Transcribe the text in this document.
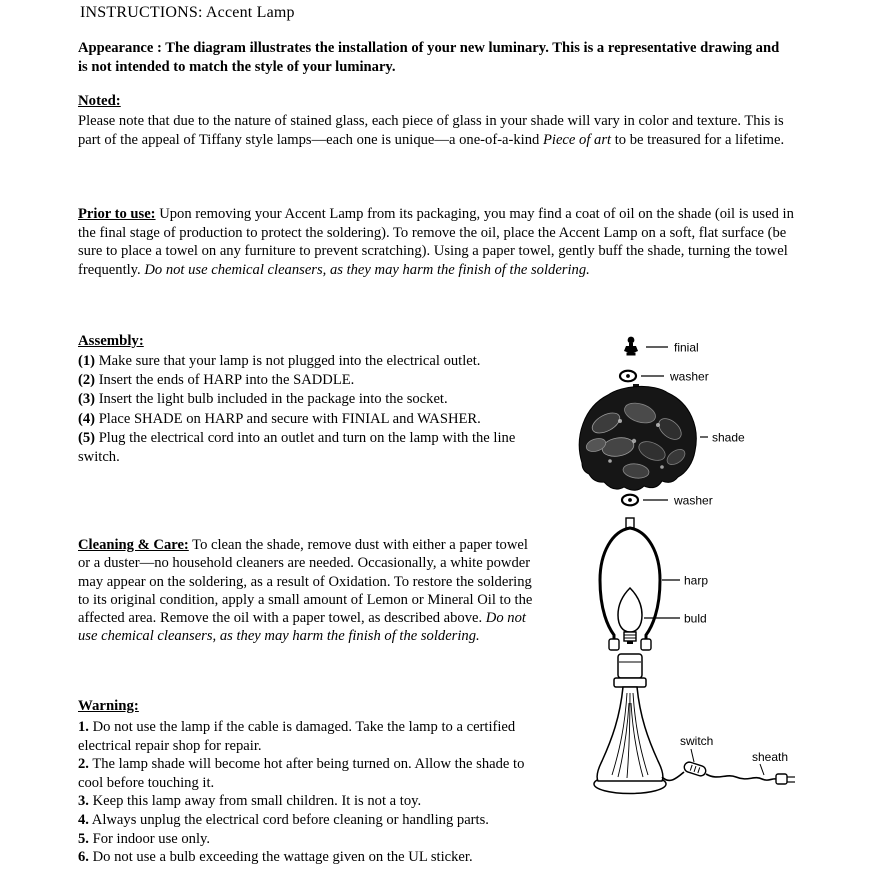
INSTRUCTIONS: Accent Lamp
Appearance : The diagram illustrates the installation of your new luminary. This is a representative drawing and is not intended to match the style of your luminary.
Noted:

Please note that due to the nature of stained glass, each piece of glass in your shade will vary in color and texture. This is part of the appeal of Tiffany style lamps—each one is unique—a one-of-a-kind Piece of art to be treasured for a lifetime.

Prior to use: Upon removing your Accent Lamp from its packaging, you may find a coat of oil on the shade (oil is used in the final stage of production to protect the soldering). To remove the oil, place the Accent Lamp on a soft, flat surface (be sure to place a towel on any furniture to prevent scratching). Using a paper towel, gently buff the shade, turning the towel frequently. Do not use chemical cleansers, as they may harm the finish of the soldering.

Assembly:
(1) Make sure that your lamp is not plugged into the electrical outlet.
(2) Insert the ends of HARP into the SADDLE.
(3) Insert the light bulb included in the package into the socket.
(4) Place SHADE on HARP and secure with FINIAL and WASHER.
(5) Plug the electrical cord into an outlet and turn on the lamp with the line switch.

Cleaning & Care: To clean the shade, remove dust with either a paper towel or a duster—no household cleaners are needed. Occasionally, a white powder may appear on the soldering, as a result of Oxidation. To restore the soldering to its original condition, apply a small amount of Lemon or Mineral Oil to the affected area. Remove the oil with a paper towel, as described above. Do not use chemical cleansers, as they may harm the finish of the soldering.

Warning:
1. Do not use the lamp if the cable is damaged. Take the lamp to a certified electrical repair shop for repair.
2. The lamp shade will become hot after being turned on. Allow the shade to cool before touching it.
3. Keep this lamp away from small children. It is not a toy.
4. Always unplug the electrical cord before cleaning or handling parts.
5. For indoor use only.
6. Do not use a bulb exceeding the wattage given on the UL sticker.
finial
washer
shade
washer
harp
buld
switch
sheath
